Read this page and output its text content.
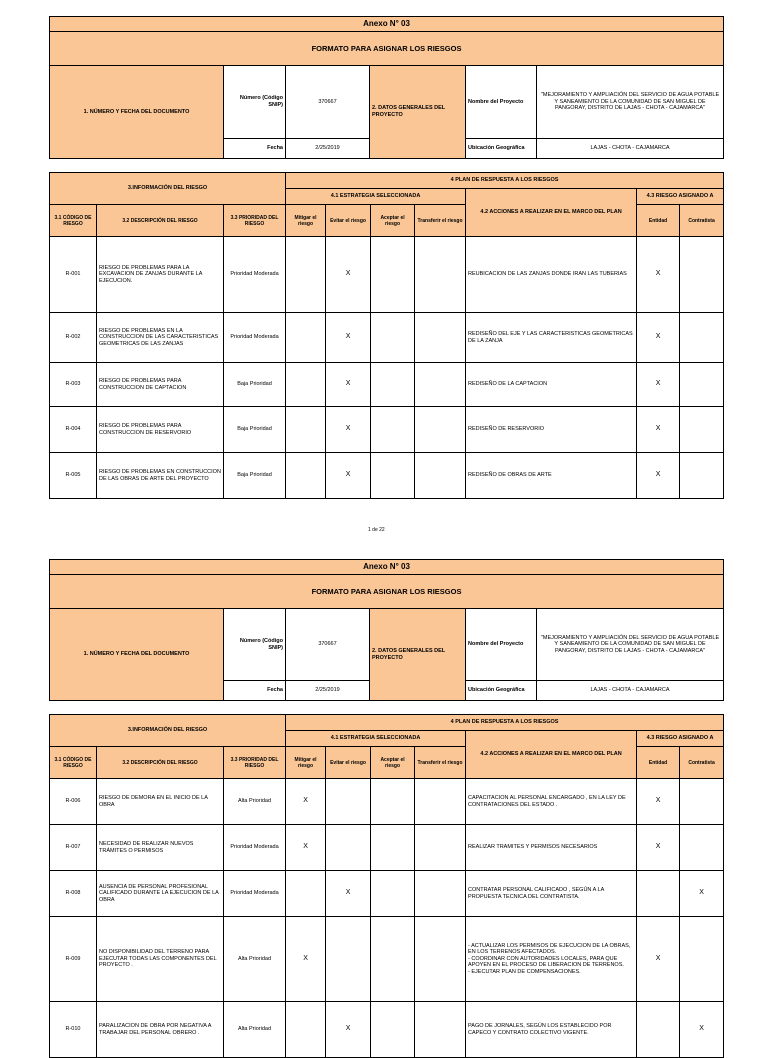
Anexo N° 03					
FORMATO PARA ASIGNAR LOS RIESGOS					
1. NÚMERO Y FECHA DEL DOCUMENTO	Número (Código SNIP)	370667	2. DATOS GENERALES DEL PROYECTO	Nombre del Proyecto	"MEJORAMIENTO Y AMPLIACIÓN DEL SERVICIO DE AGUA POTABLE Y SANEAMIENTO DE LA COMUNIDAD DE SAN MIGUEL DE PANGORAY, DISTRITO DE LAJAS - CHOTA - CAJAMARCA"
	Fecha	2/25/2019		Ubicación Geográfica	LAJAS - CHOTA - CAJAMARCA
3.INFORMACIÓN DEL RIESGO			4 PLAN DE RESPUESTA A LOS RIESGOS						
			4.1 ESTRATEGIA SELECCIONADA				4.2 ACCIONES A REALIZAR EN EL MARCO DEL PLAN	4.3 RIESGO ASIGNADO A	
3.1 CÓDIGO DE RIESGO	3.2 DESCRIPCIÓN DEL RIESGO	3.3 PRIORIDAD DEL RIESGO	Mitigar el riesgo	Evitar el riesgo	Aceptar el riesgo	Transferir el riesgo		Entidad	Contratista
R-001	RIESGO DE PROBLEMAS PARA LA EXCAVACION DE ZANJAS DURANTE LA EJECUCION.	Prioridad Moderada		X			REUBICACION DE LAS ZANJAS DONDE IRAN LAS TUBERIAS	X	
R-002	RIESGO DE PROBLEMAS EN LA CONSTRUCCION DE LAS CARACTERISTICAS GEOMETRICAS DE LAS ZANJAS	Prioridad Moderada		X			REDISEÑO DEL EJE Y LAS CARACTERISTICAS GEOMETRICAS DE LA ZANJA	X	
R-003	RIESGO DE PROBLEMAS PARA CONSTRUCCION DE CAPTACION	Baja Prioridad		X			REDISEÑO DE LA CAPTACION	X	
R-004	RIESGO DE PROBLEMAS PARA CONSTRUCCION DE RESERVORIO	Baja Prioridad		X			REDISEÑO DE RESERVORIO	X	
R-005	RIESGO DE PROBLEMAS EN CONSTRUCCION DE LAS OBRAS DE ARTE DEL PROYECTO	Baja Prioridad		X			REDISEÑO DE OBRAS DE ARTE	X	
1 de 22
Anexo N° 03					
FORMATO PARA ASIGNAR LOS RIESGOS					
1. NÚMERO Y FECHA DEL DOCUMENTO	Número (Código SNIP)	370667	2. DATOS GENERALES DEL PROYECTO	Nombre del Proyecto	"MEJORAMIENTO Y AMPLIACIÓN DEL SERVICIO DE AGUA POTABLE Y SANEAMIENTO DE LA COMUNIDAD DE SAN MIGUEL DE PANGORAY, DISTRITO DE LAJAS - CHOTA - CAJAMARCA"
	Fecha	2/25/2019		Ubicación Geográfica	LAJAS - CHOTA - CAJAMARCA
3.INFORMACIÓN DEL RIESGO			4 PLAN DE RESPUESTA A LOS RIESGOS						
			4.1 ESTRATEGIA SELECCIONADA				4.2 ACCIONES A REALIZAR EN EL MARCO DEL PLAN	4.3 RIESGO ASIGNADO A	
3.1 CÓDIGO DE RIESGO	3.2 DESCRIPCIÓN DEL RIESGO	3.3 PRIORIDAD DEL RIESGO	Mitigar el riesgo	Evitar el riesgo	Aceptar el riesgo	Transferir el riesgo		Entidad	Contratista
R-006	RIESGO DE DEMORA EN EL INICIO DE LA OBRA	Alta Prioridad	X				CAPACITACION AL PERSONAL ENCARGADO , EN LA LEY DE CONTRATACIONES DEL ESTADO .	X	
R-007	NECESIDAD DE REALIZAR NUEVOS TRÁMITES O PERMISOS	Prioridad Moderada	X				REALIZAR TRAMITES Y PERMISOS NECESARIOS	X	
R-008	AUSENCIA DE PERSONAL PROFESIONAL CALIFICADO DURANTE LA EJECUCION DE LA OBRA	Prioridad Moderada		X			CONTRATAR PERSONAL CALIFICADO , SEGÚN A LA PROPUESTA TECNICA DEL CONTRATISTA.		X
R-009	NO DISPONIBILIDAD DEL TERRENO PARA EJECUTAR TODAS LAS COMPONENTES DEL PROYECTO .	Alta Prioridad	X				- ACTUALIZAR LOS PERMISOS DE EJECUCION DE LA OBRAS, EN LOS TERRENOS AFECTADOS.
- COORDINAR CON AUTORIDADES LOCALES, PARA QUE APOYEN EN EL PROCESO DE LIBERACION DE TERRENOS.
- EJECUTAR PLAN DE COMPENSACIONES.	X	
R-010	PARALIZACION DE OBRA POR NEGATIVA A TRABAJAR DEL PERSONAL OBRERO .	Alta Prioridad		X			PAGO DE JORNALES, SEGÚN LOS ESTABLECIDO POR CAPECO Y CONTRATO COLECTIVO VIGENTE.		X
